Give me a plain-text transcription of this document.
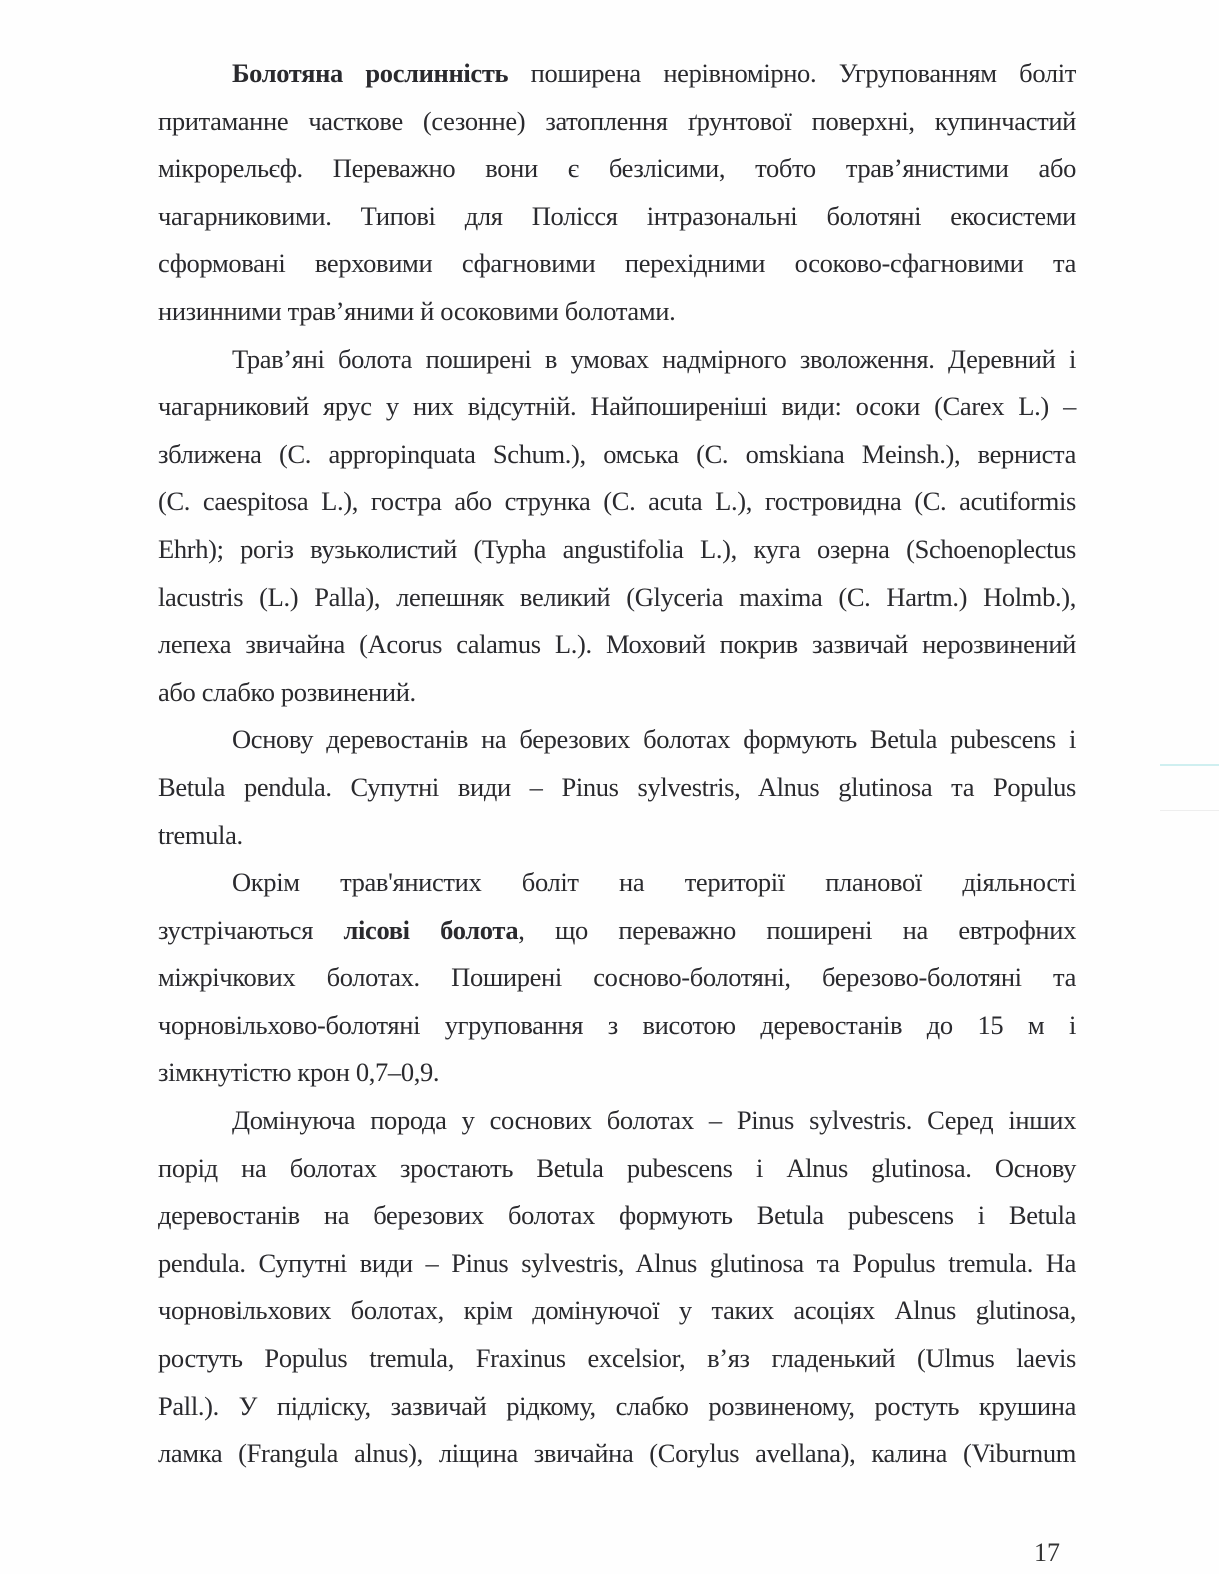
Болотяна рослинність поширена нерівномірно. Угрупованням боліт
притаманне часткове (сезонне) затоплення ґрунтової поверхні, купинчастий
мікрорельєф. Переважно вони є безлісими, тобто трав’янистими або
чагарниковими. Типові для Полісся інтразональні болотяні екосистеми
сформовані верховими сфагновими перехідними осоково-сфагновими та
низинними трав’яними й осоковими болотами.
Трав’яні болота поширені в умовах надмірного зволоження. Деревний і
чагарниковий ярус у них відсутній. Найпоширеніші види: осоки (Carex L.) –
зближена (C. appropinquata Schum.), омська (C. omskiana Meinsh.), верниста
(C. caespitosa L.), гостра або струнка (C. acuta L.), гостровидна (C. acutiformis
Ehrh); рогіз вузьколистий (Typha angustifolia L.), куга озерна (Schoenoplectus
lacustris (L.) Palla), лепешняк великий (Glyceria maxima (C. Hartm.) Holmb.),
лепеха звичайна (Acorus calamus L.). Моховий покрив зазвичай нерозвинений
або слабко розвинений.
Основу деревостанів на березових болотах формують Betula pubescens і
Betula pendula. Супутні види – Pinus sylvestris, Alnus glutinosa та Populus
tremula.
Окрім трав'янистих боліт на території планової діяльності
зустрічаються лісові болота, що переважно поширені на евтрофних
міжрічкових болотах. Поширені сосново-болотяні, березово-болотяні та
чорновільхово-болотяні угруповання з висотою деревостанів до 15 м і
зімкнутістю крон 0,7–0,9.
Домінуюча порода у соснових болотах – Pinus sylvestris. Серед інших
порід на болотах зростають Betula pubescens і Alnus glutinosa. Основу
деревостанів на березових болотах формують Betula pubescens і Betula
pendula. Супутні види – Pinus sylvestris, Alnus glutinosa та Populus tremula. На
чорновільхових болотах, крім домінуючої у таких асоціях Alnus glutinosa,
ростуть Populus tremula, Fraxinus excelsior, в’яз гладенький (Ulmus laevis
Pall.). У підліску, зазвичай рідкому, слабко розвиненому, ростуть крушина
ламка (Frangula alnus), ліщина звичайна (Corylus avellana), калина (Viburnum
17
